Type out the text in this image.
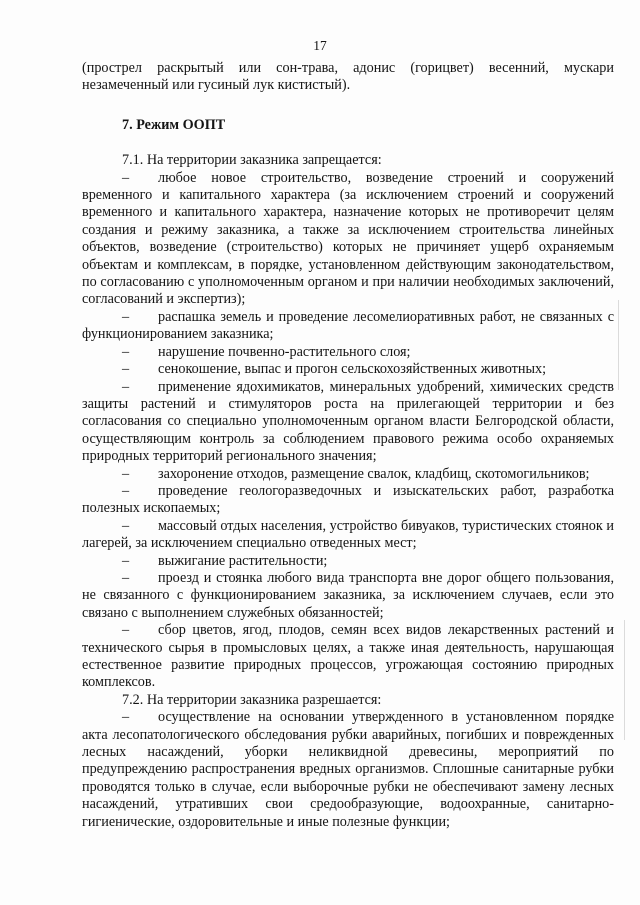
17

(прострел раскрытый или сон-трава, адонис (горицвет) весенний, мускари незамеченный или гусиный лук кистистый).

7. Режим ООПТ

7.1. На территории заказника запрещается:

– любое новое строительство, возведение строений и сооружений временного и капитального характера (за исключением строений и сооружений временного и капитального характера, назначение которых не противоречит целям создания и режиму заказника, а также за исключением строительства линейных объектов, возведение (строительство) которых не причиняет ущерб охраняемым объектам и комплексам, в порядке, установленном действующим законодательством, по согласованию с уполномоченным органом и при наличии необходимых заключений, согласований и экспертиз);

– распашка земель и проведение лесомелиоративных работ, не связанных с функционированием заказника;

– нарушение почвенно-растительного слоя;

– сенокошение, выпас и прогон сельскохозяйственных животных;

– применение ядохимикатов, минеральных удобрений, химических средств защиты растений и стимуляторов роста на прилегающей территории и без согласования со специально уполномоченным органом власти Белгородской области, осуществляющим контроль за соблюдением правового режима особо охраняемых природных территорий регионального значения;

– захоронение отходов, размещение свалок, кладбищ, скотомогильников;

– проведение геологоразведочных и изыскательских работ, разработка полезных ископаемых;

– массовый отдых населения, устройство бивуаков, туристических стоянок и лагерей, за исключением специально отведенных мест;

– выжигание растительности;

– проезд и стоянка любого вида транспорта вне дорог общего пользования, не связанного с функционированием заказника, за исключением случаев, если это связано с выполнением служебных обязанностей;

– сбор цветов, ягод, плодов, семян всех видов лекарственных растений и технического сырья в промысловых целях, а также иная деятельность, нарушающая естественное развитие природных процессов, угрожающая состоянию природных комплексов.

7.2. На территории заказника разрешается:

– осуществление на основании утвержденного в установленном порядке акта лесопатологического обследования рубки аварийных, погибших и поврежденных лесных насаждений, уборки неликвидной древесины, мероприятий по предупреждению распространения вредных организмов. Сплошные санитарные рубки проводятся только в случае, если выборочные рубки не обеспечивают замену лесных насаждений, утративших свои средообразующие, водоохранные, санитарно-гигиенические, оздоровительные и иные полезные функции;
